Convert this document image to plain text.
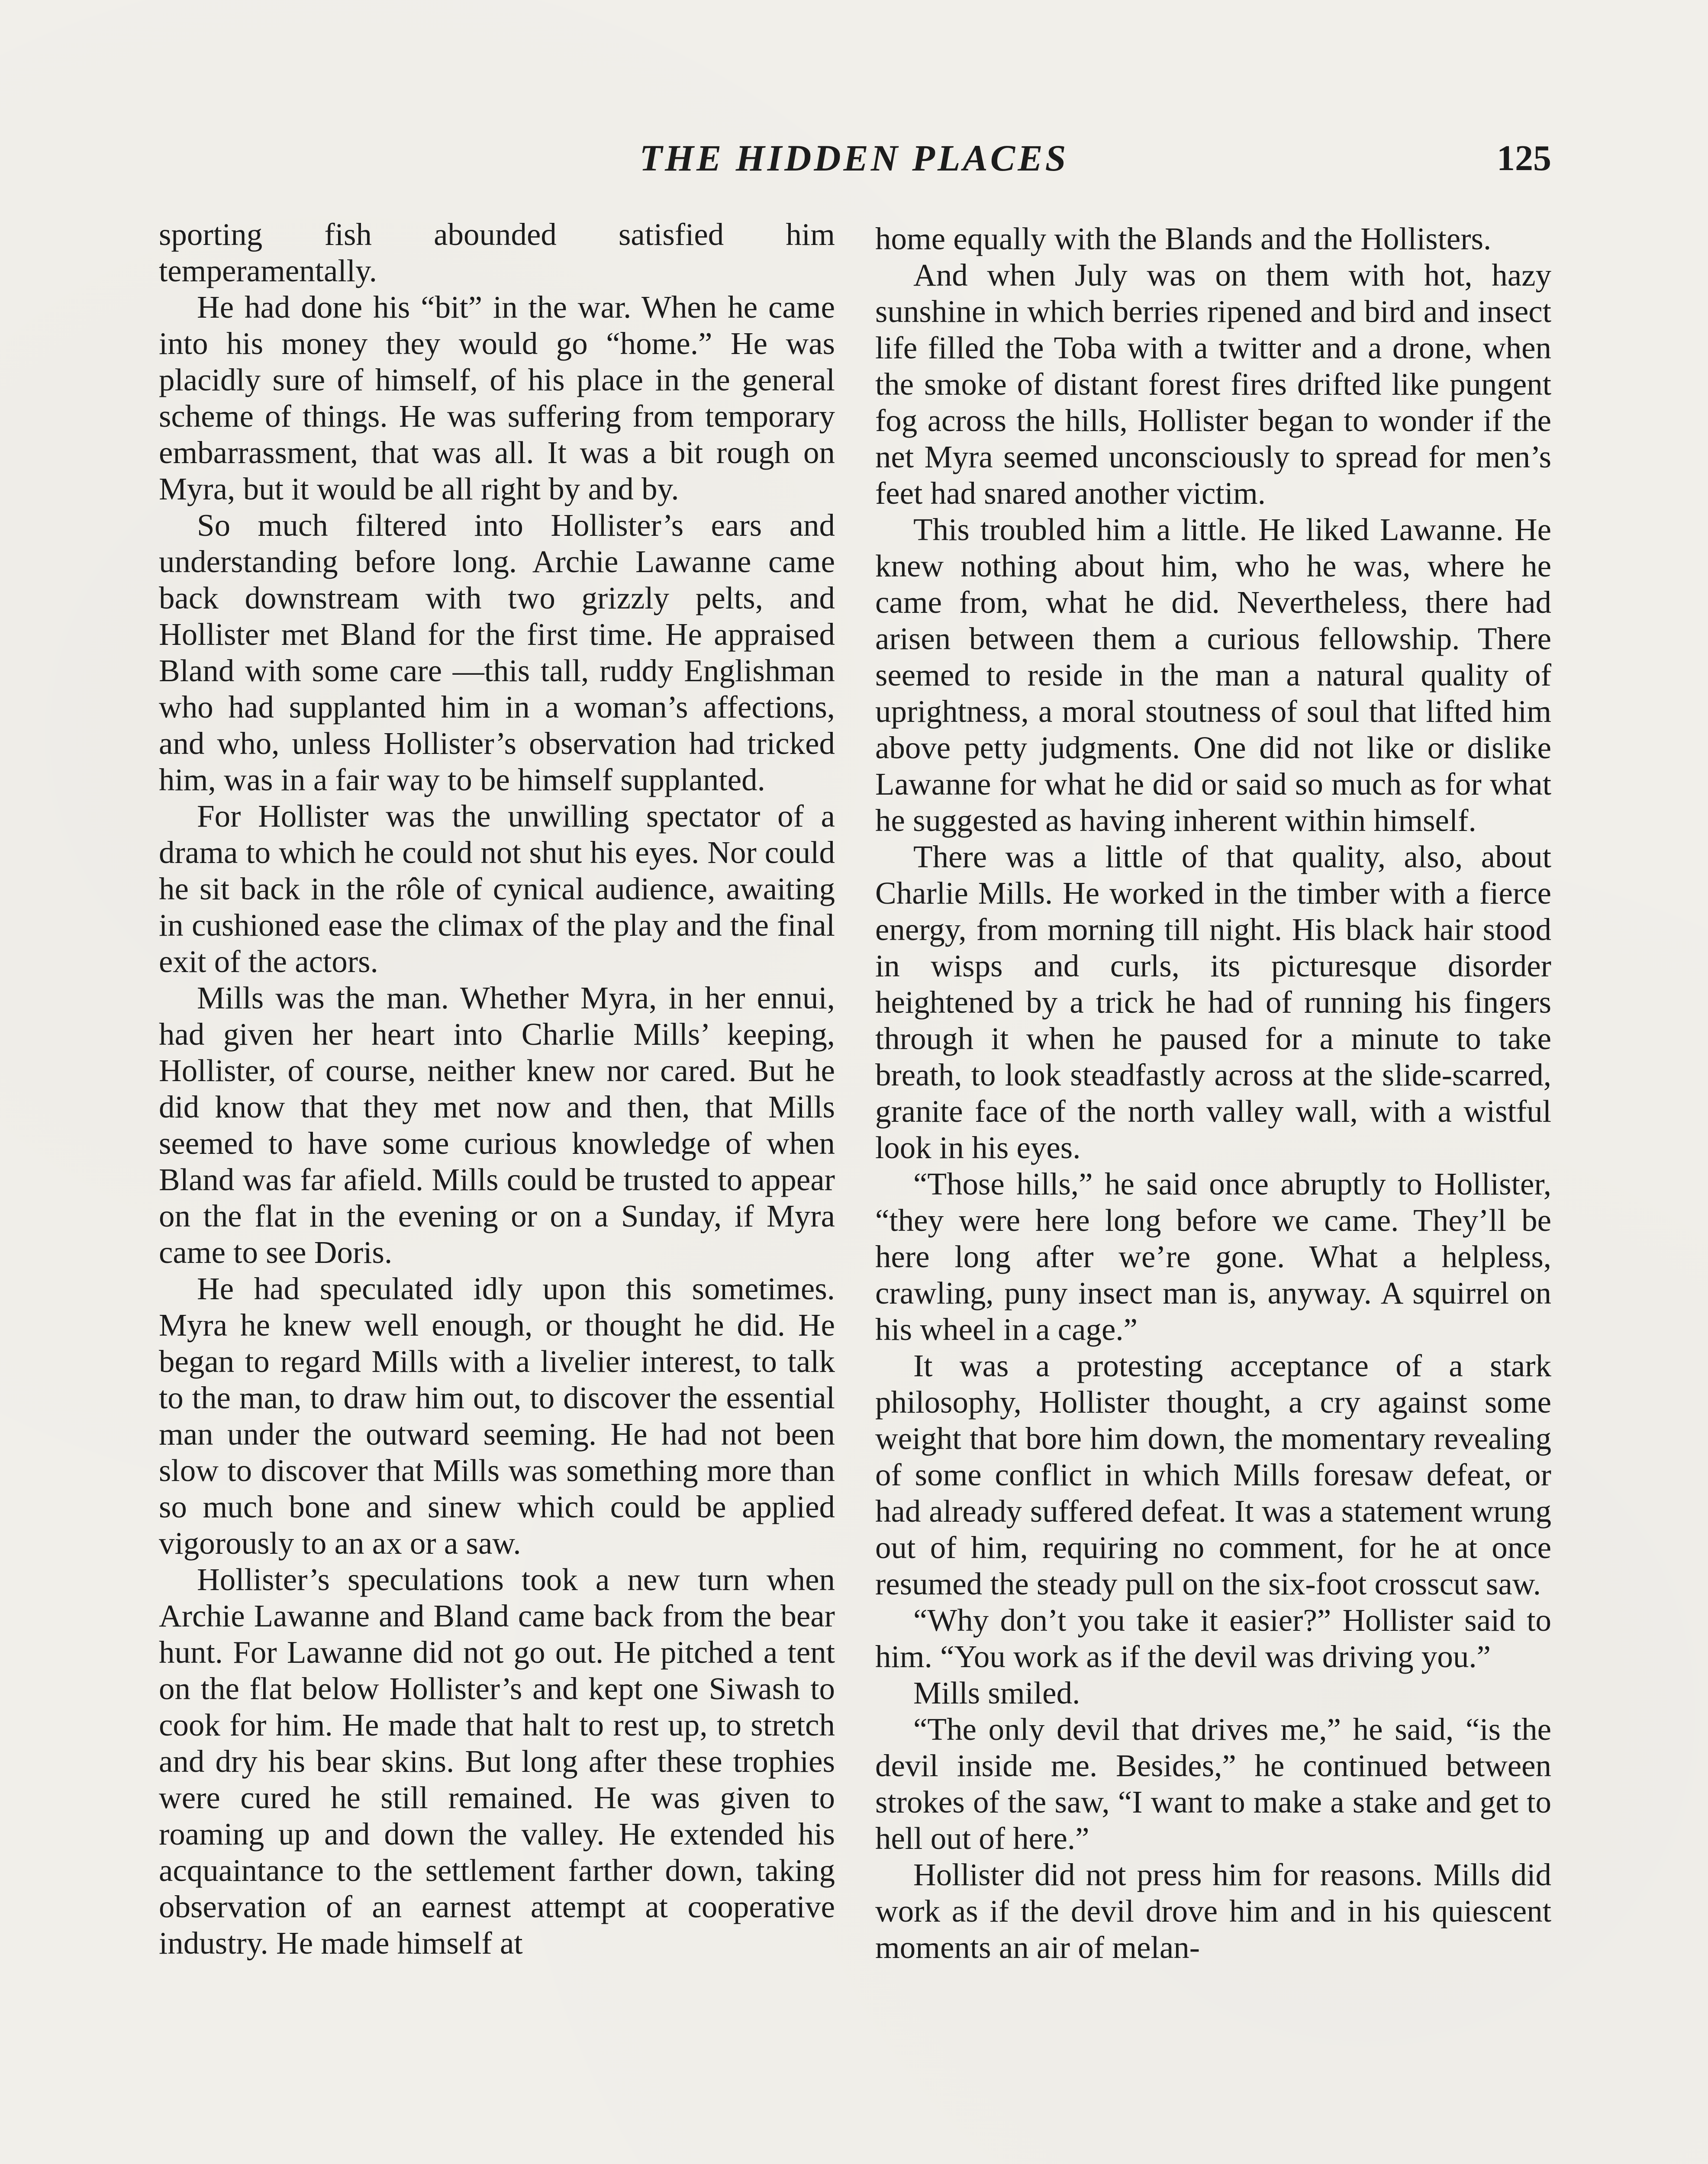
THE HIDDEN PLACES	125

sporting fish abounded satisfied him temperamentally.

He had done his “bit” in the war. When he came into his money they would go “home.” He was placidly sure of himself, of his place in the general scheme of things. He was suffering from temporary embarrassment, that was all. It was a bit rough on Myra, but it would be all right by and by.

So much filtered into Hollister’s ears and understanding before long. Archie Lawanne came back downstream with two grizzly pelts, and Hollister met Bland for the first time. He appraised Bland with some care —this tall, ruddy Englishman who had supplanted him in a woman’s affections, and who, unless Hollister’s observation had tricked him, was in a fair way to be himself supplanted.

For Hollister was the unwilling spectator of a drama to which he could not shut his eyes. Nor could he sit back in the rôle of cynical audience, awaiting in cushioned ease the climax of the play and the final exit of the actors.

Mills was the man. Whether Myra, in her ennui, had given her heart into Charlie Mills’ keeping, Hollister, of course, neither knew nor cared. But he did know that they met now and then, that Mills seemed to have some curious knowledge of when Bland was far afield. Mills could be trusted to appear on the flat in the evening or on a Sunday, if Myra came to see Doris.

He had speculated idly upon this sometimes. Myra he knew well enough, or thought he did. He began to regard Mills with a livelier interest, to talk to the man, to draw him out, to discover the essential man under the outward seeming. He had not been slow to discover that Mills was something more than so much bone and sinew which could be applied vigorously to an ax or a saw.

Hollister’s speculations took a new turn when Archie Lawanne and Bland came back from the bear hunt. For Lawanne did not go out. He pitched a tent on the flat below Hollister’s and kept one Siwash to cook for him. He made that halt to rest up, to stretch and dry his bear skins. But long after these trophies were cured he still remained. He was given to roaming up and down the valley. He extended his acquaintance to the settlement farther down, taking observation of an earnest attempt at cooperative industry. He made himself at

home equally with the Blands and the Hollisters.

And when July was on them with hot, hazy sunshine in which berries ripened and bird and insect life filled the Toba with a twitter and a drone, when the smoke of distant forest fires drifted like pungent fog across the hills, Hollister began to wonder if the net Myra seemed unconsciously to spread for men’s feet had snared another victim.

This troubled him a little. He liked Lawanne. He knew nothing about him, who he was, where he came from, what he did. Nevertheless, there had arisen between them a curious fellowship. There seemed to reside in the man a natural quality of uprightness, a moral stoutness of soul that lifted him above petty judgments. One did not like or dislike Lawanne for what he did or said so much as for what he suggested as having inherent within himself.

There was a little of that quality, also, about Charlie Mills. He worked in the timber with a fierce energy, from morning till night. His black hair stood in wisps and curls, its picturesque disorder heightened by a trick he had of running his fingers through it when he paused for a minute to take breath, to look steadfastly across at the slide-scarred, granite face of the north valley wall, with a wistful look in his eyes.

“Those hills,” he said once abruptly to Hollister, “they were here long before we came. They’ll be here long after we’re gone. What a helpless, crawling, puny insect man is, anyway. A squirrel on his wheel in a cage.”

It was a protesting acceptance of a stark philosophy, Hollister thought, a cry against some weight that bore him down, the momentary revealing of some conflict in which Mills foresaw defeat, or had already suffered defeat. It was a statement wrung out of him, requiring no comment, for he at once resumed the steady pull on the six-foot crosscut saw.

“Why don’t you take it easier?” Hollister said to him. “You work as if the devil was driving you.”

Mills smiled.

“The only devil that drives me,” he said, “is the devil inside me. Besides,” he continued between strokes of the saw, “I want to make a stake and get to hell out of here.”

Hollister did not press him for reasons. Mills did work as if the devil drove him and in his quiescent moments an air of melan-
